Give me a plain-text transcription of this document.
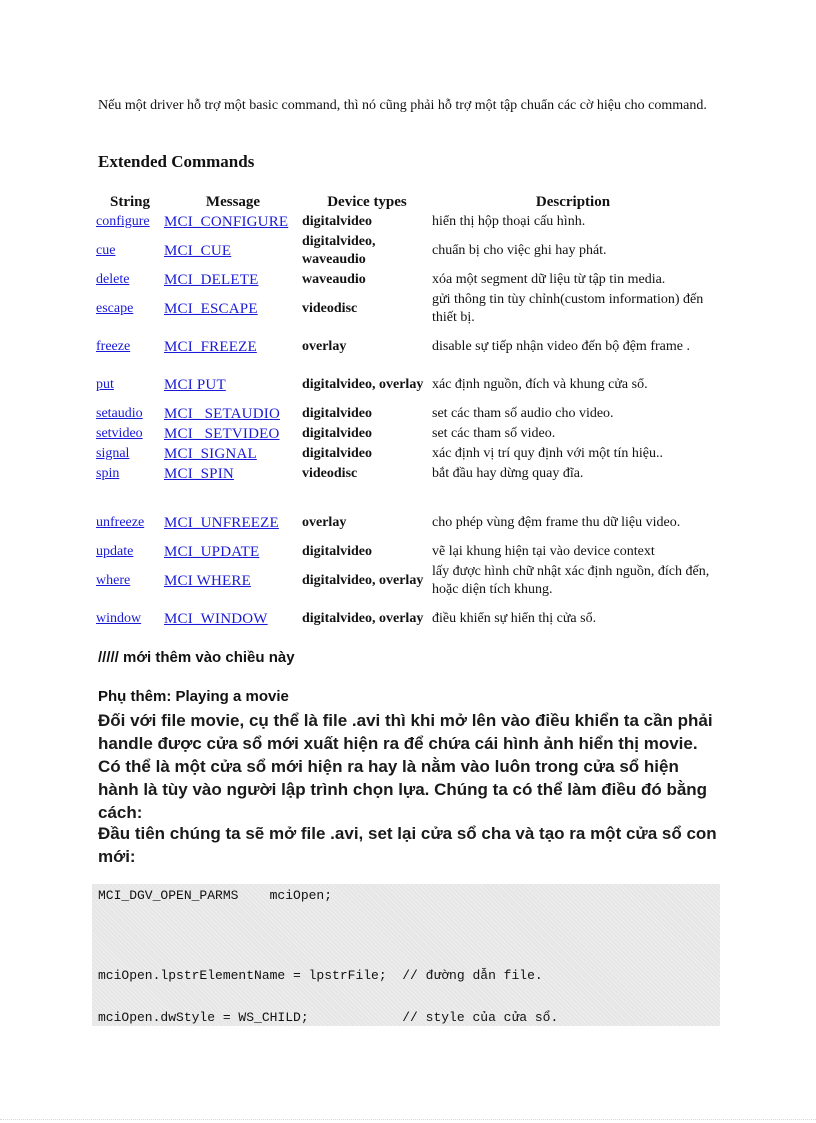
Nếu một driver hỗ trợ một basic command, thì nó cũng phải hỗ trợ một tập chuẩn các cờ hiệu cho command.

Extended Commands
String	Message	Device types	Description
configure	MCI_CONFIGURE	digitalvideo	hiển thị hộp thoại cấu hình.
cue	MCI_CUE	digitalvideo, waveaudio	chuẩn bị cho việc ghi hay phát.
delete	MCI_DELETE	waveaudio	xóa một segment dữ liệu từ tập tin media.
escape	MCI_ESCAPE	videodisc	gửi thông tin tùy chỉnh(custom information) đến thiết bị.
freeze	MCI_FREEZE	overlay	disable sự tiếp nhận video đến bộ đệm frame .
put	MCI PUT	digitalvideo, overlay	xác định nguồn, đích và khung cửa sổ.
setaudio	MCI_ SETAUDIO	digitalvideo	set các tham số audio cho video.
setvideo	MCI_ SETVIDEO	digitalvideo	set các tham số video.
signal	MCI_SIGNAL	digitalvideo	xác định vị trí quy định với một tín hiệu..
spin	MCI_SPIN	videodisc	bắt đầu hay dừng quay đĩa.

unfreeze	MCI_UNFREEZE	overlay	cho phép vùng đệm frame thu dữ liệu video.
update	MCI_UPDATE	digitalvideo	vẽ lại khung hiện tại vào device context
where	MCI WHERE	digitalvideo, overlay	lấy được hình chữ nhật xác định nguồn, đích đến, hoặc diện tích khung.
window	MCI_WINDOW	digitalvideo, overlay	điều khiển sự hiển thị cửa sổ.
///// mới thêm vào chiều này
Phụ thêm: Playing a movie

Đối với file movie, cụ thể là file .avi thì khi mở lên vào điều khiển ta cần phải handle được cửa sổ mới xuất hiện ra để chứa cái hình ảnh hiển thị movie. Có thể là một cửa sổ mới hiện ra hay là nằm vào luôn trong cửa sổ hiện hành là tùy vào người lập trình chọn lựa. Chúng ta có thể làm điều đó bằng cách:

Đầu tiên chúng ta sẽ mở file .avi, set lại cửa sổ cha và tạo ra một cửa sổ con mới:

MCI_DGV_OPEN_PARMS    mciOpen;
mciOpen.lpstrElementName = lpstrFile;  // đường dẫn file.
mciOpen.dwStyle = WS_CHILD;            // style của cửa sổ.
